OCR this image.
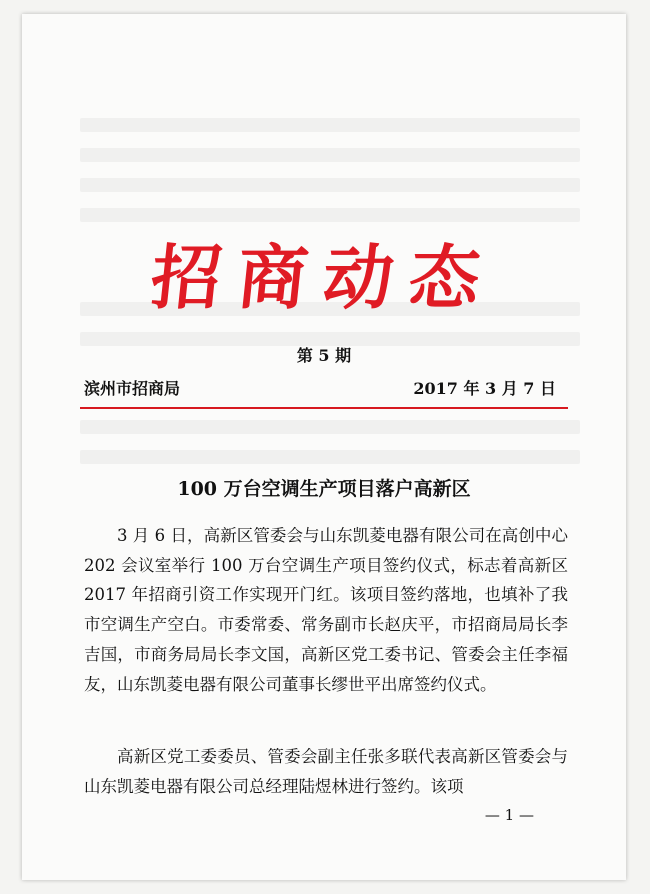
招商动态
第 5 期
滨州市招商局	2017 年 3 月 7 日
100 万台空调生产项目落户高新区

3 月 6 日，高新区管委会与山东凯菱电器有限公司在高创中心 202 会议室举行 100 万台空调生产项目签约仪式，标志着高新区 2017 年招商引资工作实现开门红。该项目签约落地，也填补了我市空调生产空白。市委常委、常务副市长赵庆平，市招商局局长李吉国，市商务局局长李文国，高新区党工委书记、管委会主任李福友，山东凯菱电器有限公司董事长缪世平出席签约仪式。

高新区党工委委员、管委会副主任张多联代表高新区管委会与山东凯菱电器有限公司总经理陆煜林进行签约。该项

— 1 —
